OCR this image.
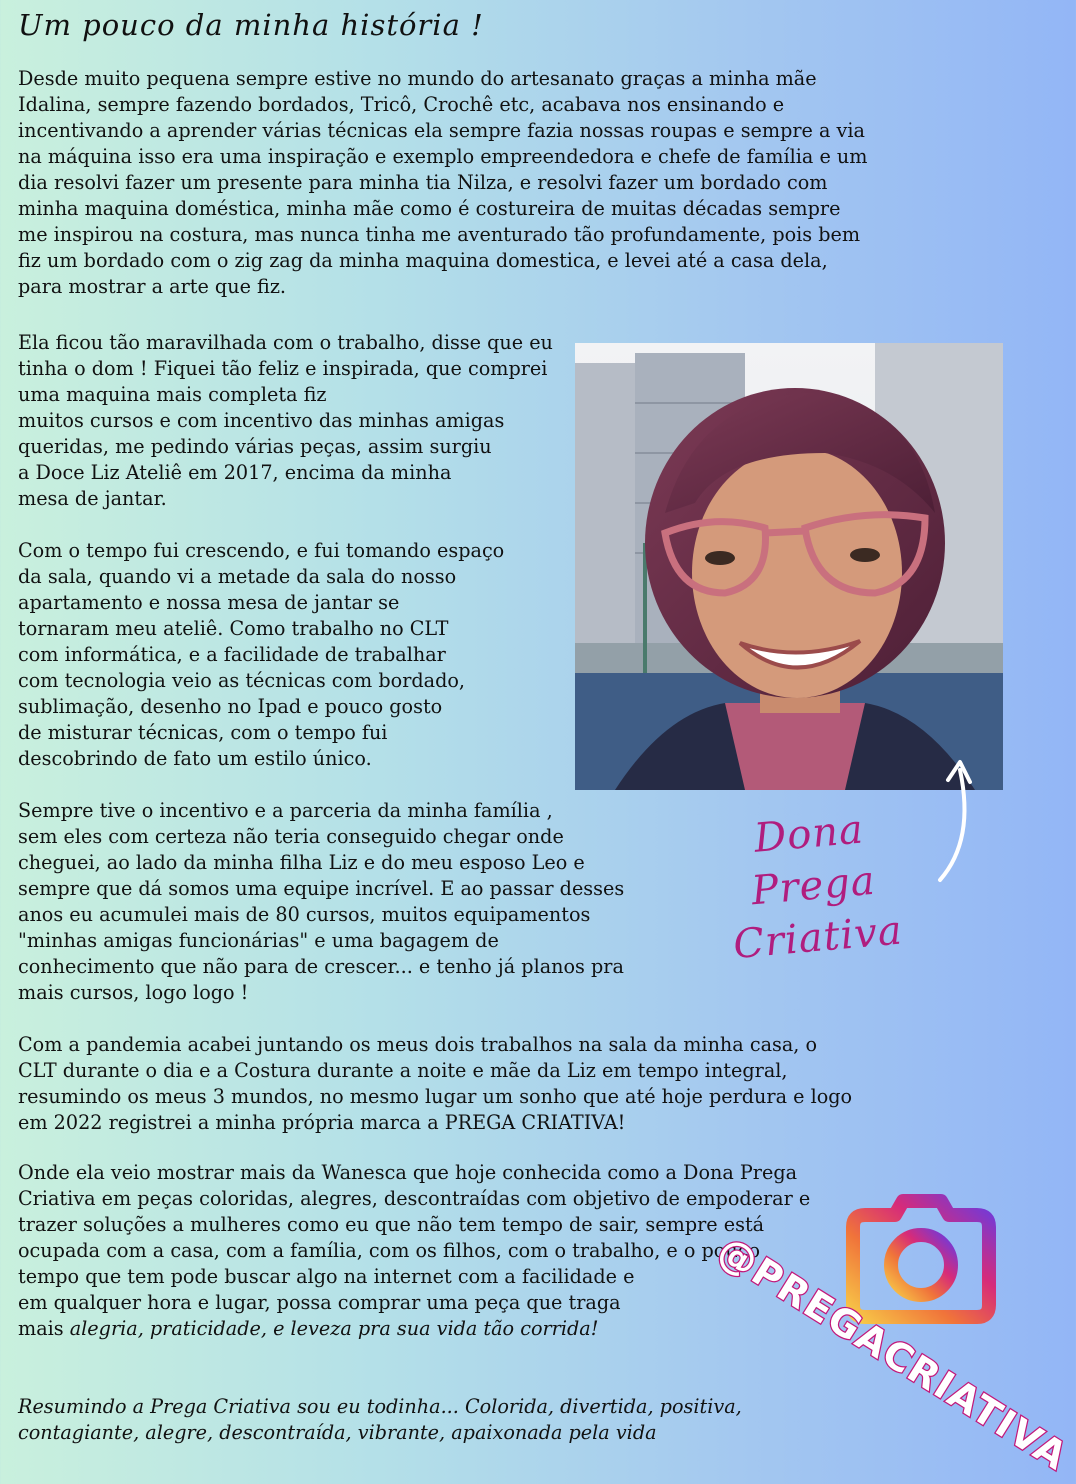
Um pouco da minha história !

Desde muito pequena sempre estive no mundo do artesanato graças a minha mãe
Idalina, sempre fazendo bordados, Tricô, Crochê etc, acabava nos ensinando e
incentivando a aprender várias técnicas ela sempre fazia nossas roupas e sempre a via
na máquina isso era uma inspiração e exemplo empreendedora e chefe de família e um
dia resolvi fazer um presente para minha tia Nilza, e resolvi fazer um bordado com
minha maquina doméstica, minha mãe como é costureira de muitas décadas sempre
me inspirou na costura, mas nunca tinha me aventurado tão profundamente, pois bem
fiz um bordado com o zig zag da minha maquina domestica, e levei até a casa dela,
para mostrar a arte que fiz.

Ela ficou tão maravilhada com o trabalho, disse que eu
tinha o dom ! Fiquei tão feliz e inspirada, que comprei
uma maquina mais completa fiz
muitos cursos e com incentivo das minhas amigas
queridas, me pedindo várias peças, assim surgiu
a Doce Liz Ateliê em 2017, encima da minha
mesa de jantar.

Com o tempo fui crescendo, e fui tomando espaço
da sala, quando vi a metade da sala do nosso
apartamento e nossa mesa de jantar se
tornaram meu ateliê. Como trabalho no CLT
com informática, e a facilidade de trabalhar
com tecnologia veio as técnicas com bordado,
sublimação, desenho no Ipad e pouco gosto
de misturar técnicas, com o tempo fui
descobrindo de fato um estilo único.

Sempre tive o incentivo e a parceria da minha família ,
sem eles com certeza não teria conseguido chegar onde
cheguei, ao lado da minha filha Liz e do meu esposo Leo e
sempre que dá somos uma equipe incrível. E ao passar desses
anos eu acumulei mais de 80 cursos, muitos equipamentos
"minhas amigas funcionárias" e uma bagagem de
conhecimento que não para de crescer... e tenho já planos pra
mais cursos, logo logo !

Com a pandemia acabei juntando os meus dois trabalhos na sala da minha casa, o
CLT durante o dia e a Costura durante a noite e mãe da Liz em tempo integral,
resumindo os meus 3 mundos, no mesmo lugar um sonho que até hoje perdura e logo
em 2022 registrei a minha própria marca a PREGA CRIATIVA!

Onde ela veio mostrar mais da Wanesca que hoje conhecida como a Dona Prega
Criativa em peças coloridas, alegres, descontraídas com objetivo de empoderar e
trazer soluções a mulheres como eu que não tem tempo de sair, sempre está
ocupada com a casa, com a família, com os filhos, com o trabalho, e o pouco
tempo que tem pode buscar algo na internet com a facilidade e
em qualquer hora e lugar, possa comprar uma peça que traga
mais alegria, praticidade, e leveza pra sua vida tão corrida!

Resumindo a Prega Criativa sou eu todinha... Colorida, divertida, positiva,
contagiante, alegre, descontraída, vibrante, apaixonada pela vida

Dona Prega
Criativa
@PREGACRIATIVA
